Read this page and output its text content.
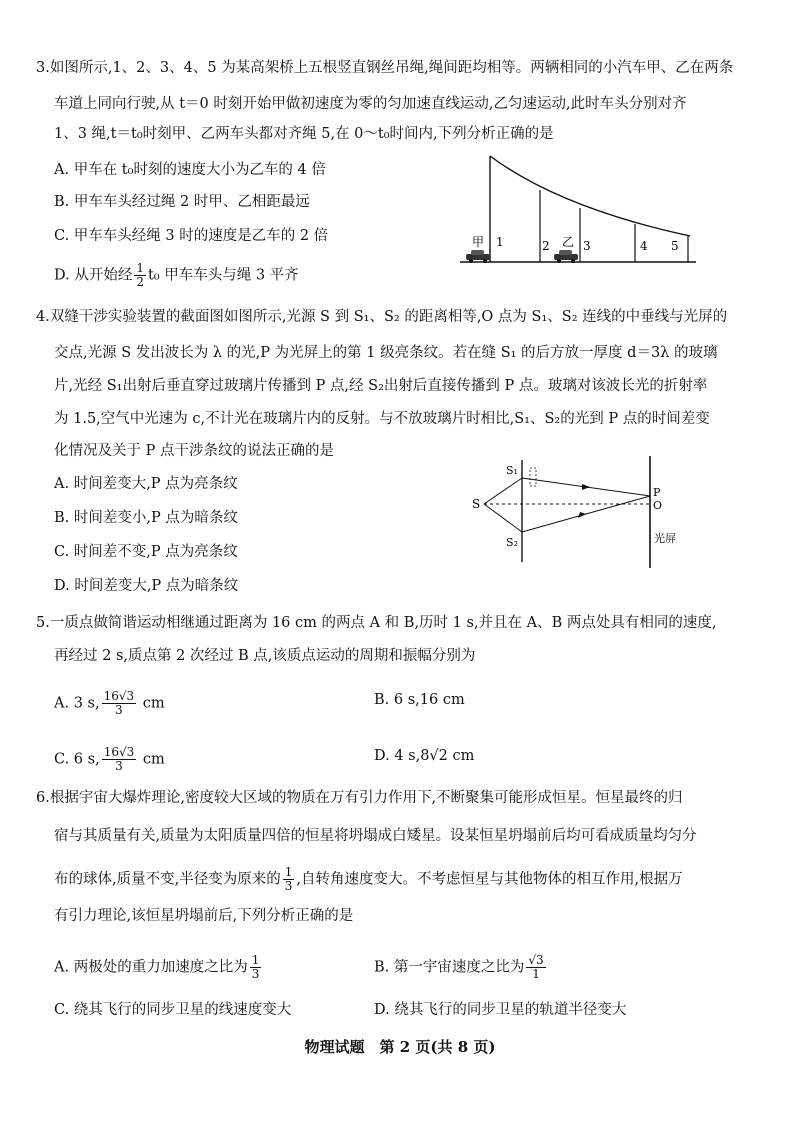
3.如图所示,1、2、3、4、5 为某高架桥上五根竖直钢丝吊绳,绳间距均相等。两辆相同的小汽车甲、乙在两条
车道上同向行驶,从 t＝0 时刻开始甲做初速度为零的匀加速直线运动,乙匀速运动,此时车头分别对齐
1、3 绳,t＝t₀时刻甲、乙两车头都对齐绳 5,在 0～t₀时间内,下列分析正确的是
A. 甲车在 t₀时刻的速度大小为乙车的 4 倍
B. 甲车车头经过绳 2 时甲、乙相距最远
C. 甲车车头经绳 3 时的速度是乙车的 2 倍
D. 从开始经 $\frac{1}{2} t_0$ 甲车车头与绳 3 平齐
1	2	3	4 5
甲	乙
4.双缝干涉实验装置的截面图如图所示,光源 S 到 S₁、S₂ 的距离相等,O 点为 S₁、S₂ 连线的中垂线与光屏的
交点,光源 S 发出波长为 λ 的光,P 为光屏上的第 1 级亮条纹。若在缝 S₁ 的后方放一厚度 d＝3λ 的玻璃
片,光经 S₁出射后垂直穿过玻璃片传播到 P 点,经 S₂出射后直接传播到 P 点。玻璃对该波长光的折射率
为 1.5,空气中光速为 c,不计光在玻璃片内的反射。与不放玻璃片时相比,S₁、S₂的光到 P 点的时间差变
化情况及关于 P 点干涉条纹的说法正确的是
A. 时间差变大,P 点为亮条纹
B. 时间差变小,P 点为暗条纹
C. 时间差不变,P 点为亮条纹
D. 时间差变大,P 点为暗条纹
S
S₁
S₂
P
O
光屏
5.一质点做简谐运动相继通过距离为 16 cm 的两点 A 和 B,历时 1 s,并且在 A、B 两点处具有相同的速度,
再经过 2 s,质点第 2 次经过 B 点,该质点运动的周期和振幅分别为
A. 3 s, $\frac{16√3}{3}$ cm	B. 6 s,16 cm
C. 6 s, $\frac{16√3}{3}$ cm	D. 4 s,8√2 cm
6.根据宇宙大爆炸理论,密度较大区域的物质在万有引力作用下,不断聚集可能形成恒星。恒星最终的归
宿与其质量有关,质量为太阳质量四倍的恒星将坍塌成白矮星。设某恒星坍塌前后均可看成质量均匀分
布的球体,质量不变,半径变为原来的 $\frac{1}{3}$ ,自转角速度变大。不考虑恒星与其他物体的相互作用,根据万
有引力理论,该恒星坍塌前后,下列分析正确的是
A. 两极处的重力加速度之比为 $\frac{1}{3}$	B. 第一宇宙速度之比为 $\frac{√3}{1}$
C. 绕其飞行的同步卫星的线速度变大	D. 绕其飞行的同步卫星的轨道半径变大
物理试题　第 2 页(共 8 页)
